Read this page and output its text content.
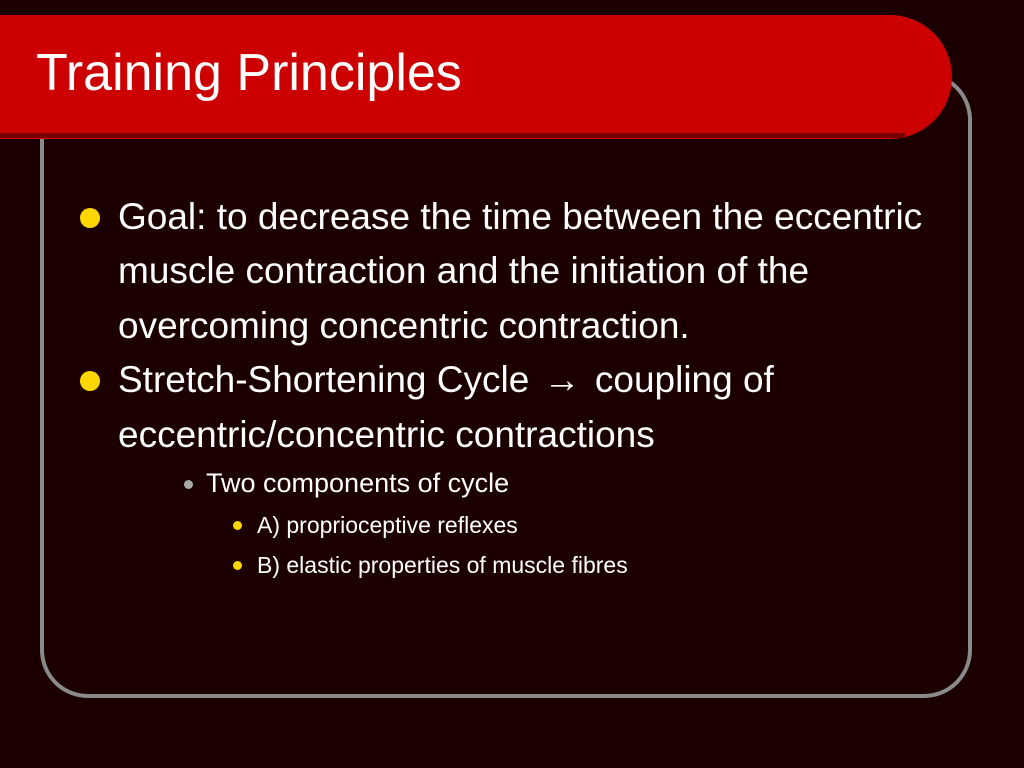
Training Principles
Goal: to decrease the time between the eccentric muscle contraction and the initiation of the overcoming concentric contraction.
Stretch-Shortening Cycle → coupling of eccentric/concentric contractions
Two components of cycle
A) proprioceptive reflexes
B) elastic properties of muscle fibres
